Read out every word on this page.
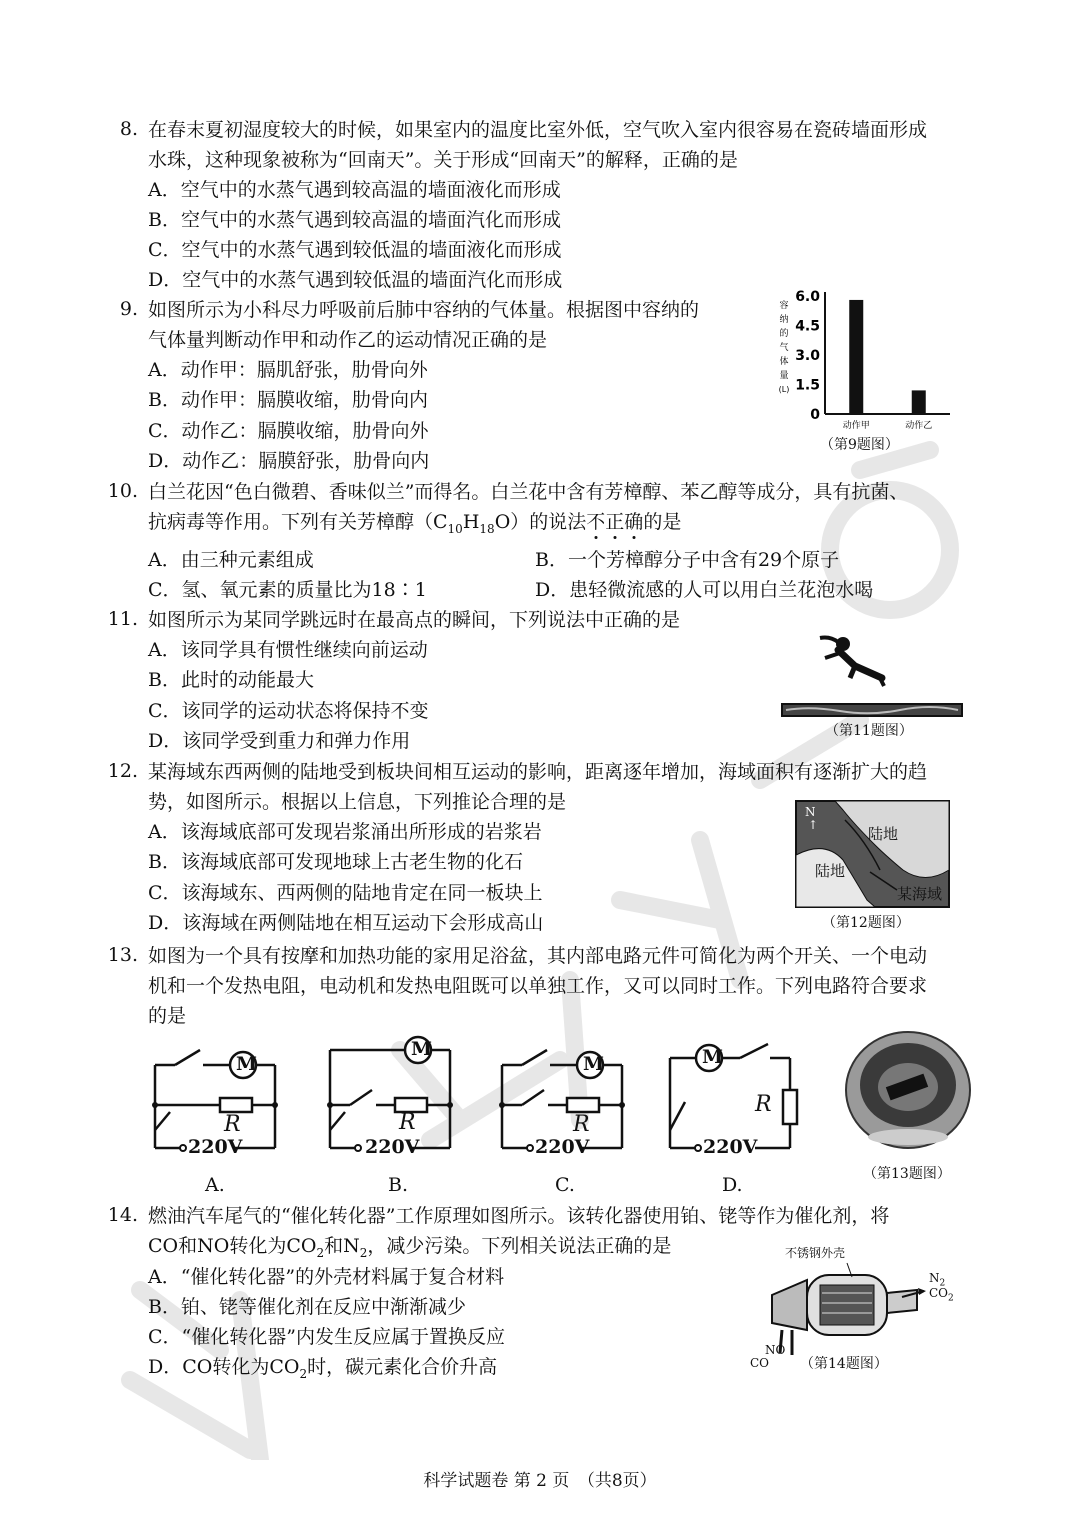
8. 在春末夏初湿度较大的时候，如果室内的温度比室外低，空气吹入室内很容易在瓷砖墙面形成
水珠，这种现象被称为“回南天”。关于形成“回南天”的解释，正确的是
A．空气中的水蒸气遇到较高温的墙面液化而形成
B．空气中的水蒸气遇到较高温的墙面汽化而形成
C．空气中的水蒸气遇到较低温的墙面液化而形成
D．空气中的水蒸气遇到较低温的墙面汽化而形成
9. 如图所示为小科尽力呼吸前后肺中容纳的气体量。根据图中容纳的
气体量判断动作甲和动作乙的运动情况正确的是
A．动作甲：膈肌舒张，肋骨向外
B．动作甲：膈膜收缩，肋骨向内
C．动作乙：膈膜收缩，肋骨向外
D．动作乙：膈膜舒张，肋骨向内
容
纳
的
气
体
量
(L)
6.0
4.5
3.0
1.5
0
动作甲	动作乙
（第9题图）
10. 白兰花因“色白微碧、香味似兰”而得名。白兰花中含有芳樟醇、苯乙醇等成分，具有抗菌、
抗病毒等作用。下列有关芳樟醇$(C_{10}H_{18}O)$的说法不正确的是
A．由三种元素组成	B．一个芳樟醇分子中含有29个原子
C．氢、氧元素的质量比为18∶1	D．患轻微流感的人可以用白兰花泡水喝
11. 如图所示为某同学跳远时在最高点的瞬间，下列说法中正确的是
A．该同学具有惯性继续向前运动
B．此时的动能最大
C．该同学的运动状态将保持不变
D．该同学受到重力和弹力作用	（第11题图）
12. 某海域东西两侧的陆地受到板块间相互运动的影响，距离逐年增加，海域面积有逐渐扩大的趋
势，如图所示。根据以上信息，下列推论合理的是
A．该海域底部可发现岩浆涌出所形成的岩浆岩
B．该海域底部可发现地球上古老生物的化石
C．该海域东、西两侧的陆地肯定在同一板块上
D．该海域在两侧陆地在相互运动下会形成高山
N
↑	陆地
陆地
某海域
（第12题图）
13. 如图为一个具有按摩和加热功能的家用足浴盆，其内部电路元件可简化为两个开关、一个电动
机和一个发热电阻，电动机和发热电阻既可以单独工作，又可以同时工作。下列电路符合要求
的是
M
R
220V
A.
M
R
220V
B.
M
R
220V
C.
M
R
220V
D.	（第13题图）
14. 燃油汽车尾气的“催化转化器”工作原理如图所示。该转化器使用铂、铑等作为催化剂，将
CO和NO转化为$CO_2$和$N_2$，减少污染。下列相关说法正确的是
A．“催化转化器”的外壳材料属于复合材料
B．铂、铑等催化剂在反应中渐渐减少
C．“催化转化器”内发生反应属于置换反应
D．CO转化为$CO_2$时，碳元素化合价升高
不锈钢外壳
$N_2$
$CO_2$
NO
CO （第14题图）
科学试题卷 第 2 页　（共8页）
